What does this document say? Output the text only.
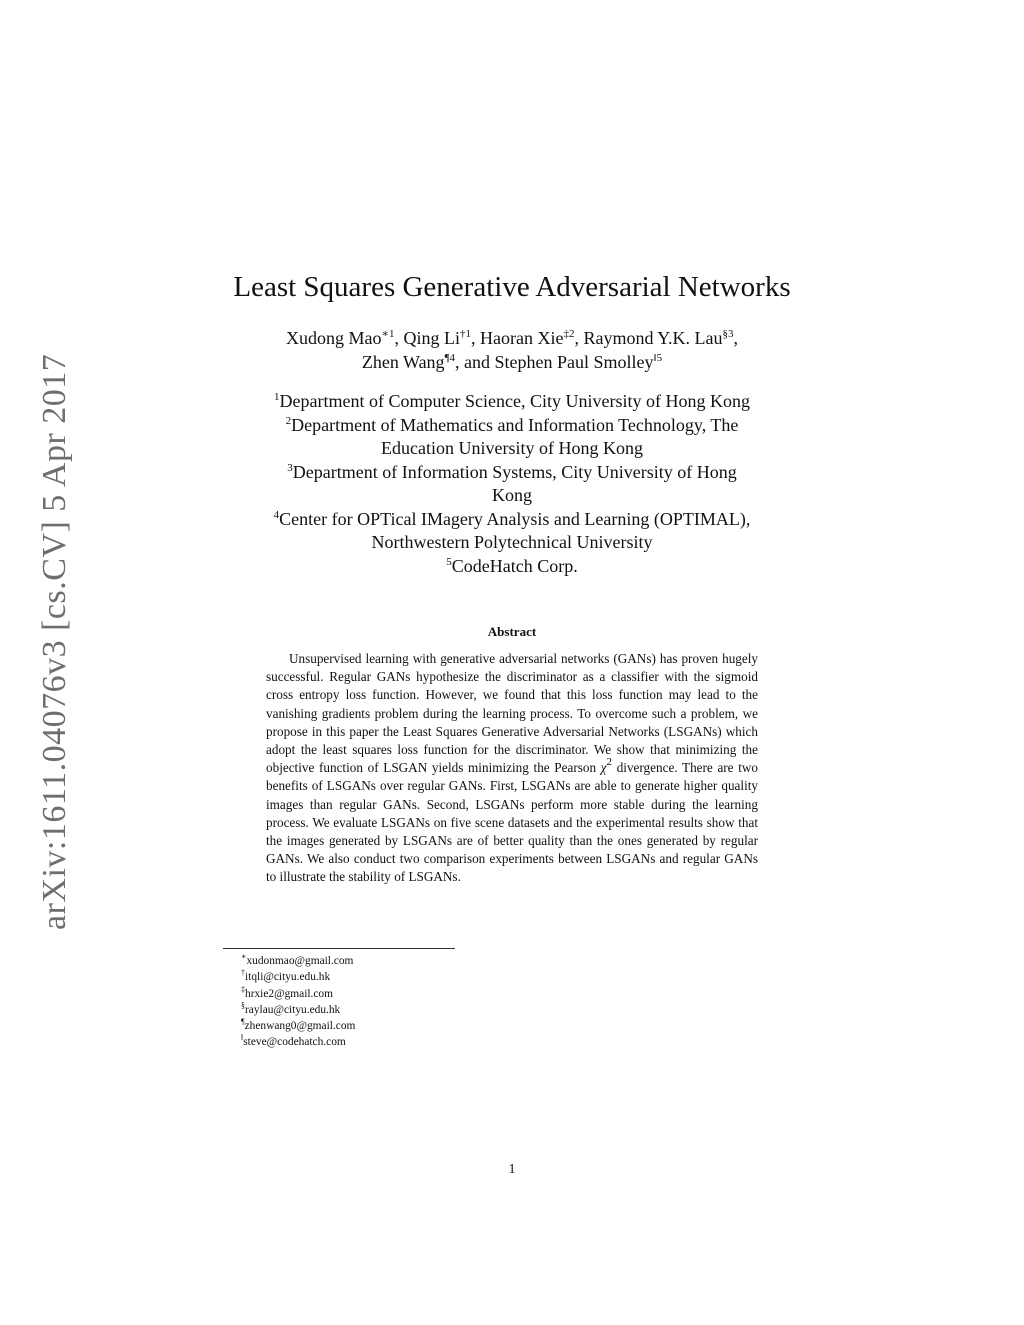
arXiv:1611.04076v3 [cs.CV] 5 Apr 2017
Least Squares Generative Adversarial Networks
Xudong Mao$^{∗1}$, Qing Li$^{\dagger 1}$, Haoran Xie$^{\ddagger 2}$, Raymond Y.K. Lau$^{\S 3}$,
Zhen Wang$^{\P 4}$, and Stephen Paul Smolley$^{‖5}$
$^1$Department of Computer Science, City University of Hong Kong
$^2$Department of Mathematics and Information Technology, The
Education University of Hong Kong
$^3$Department of Information Systems, City University of Hong
Kong
$^4$Center for OPTical IMagery Analysis and Learning (OPTIMAL),
Northwestern Polytechnical University
$^5$CodeHatch Corp.
Abstract

Unsupervised learning with generative adversarial networks (GANs) has proven hugely successful. Regular GANs hypothesize the discriminator as a classifier with the sigmoid cross entropy loss function. However, we found that this loss function may lead to the vanishing gradients problem during the learning process. To overcome such a problem, we propose in this paper the Least Squares Generative Adversarial Networks (LSGANs) which adopt the least squares loss function for the discriminator. We show that minimizing the objective function of LSGAN yields minimizing the Pearson $\chi^2$ divergence. There are two benefits of LSGANs over regular GANs. First, LSGANs are able to generate higher quality images than regular GANs. Second, LSGANs perform more stable during the learning process. We evaluate LSGANs on five scene datasets and the experimental results show that the images generated by LSGANs are of better quality than the ones generated by regular GANs. We also conduct two comparison experiments between LSGANs and regular GANs to illustrate the stability of LSGANs.

∗xudonmao@gmail.com
†itqli@cityu.edu.hk
‡hrxie2@gmail.com
§raylau@cityu.edu.hk
¶zhenwang0@gmail.com
‖steve@codehatch.com
1
